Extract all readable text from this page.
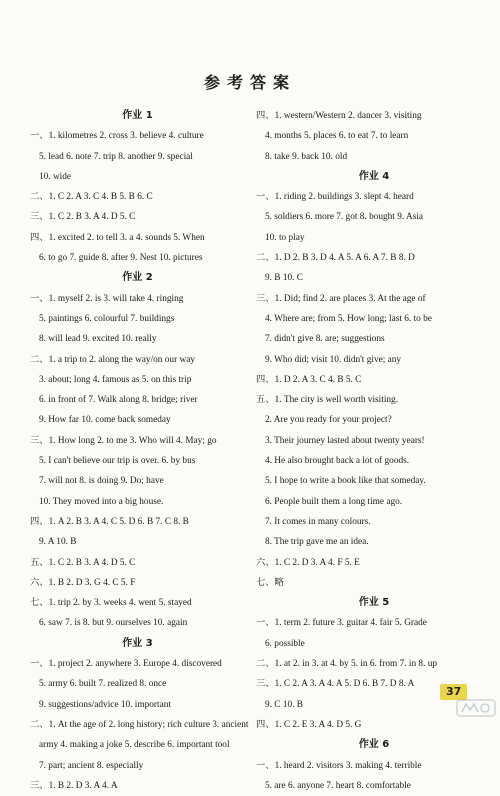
参考答案
作业 1
一、1. kilometres 2. cross 3. believe 4. culture
5. lead 6. note 7. trip 8. another 9. special
10. wide
二、1. C 2. A 3. C 4. B 5. B 6. C
三、1. C 2. B 3. A 4. D 5. C
四、1. excited 2. to tell 3. a 4. sounds 5. When
6. to go 7. guide 8. after 9. Nest 10. pictures
作业 2
一、1. myself 2. is 3. will take 4. ringing
5. paintings 6. colourful 7. buildings
8. will lead 9. excited 10. really
二、1. a trip to 2. along the way/on our way
3. about; long 4. famous as 5. on this trip
6. in front of 7. Walk along 8. bridge; river
9. How far 10. come back someday
三、1. How long 2. to me 3. Who will 4. May; go
5. I can't believe our trip is over. 6. by bus
7. will not 8. is doing 9. Do; have
10. They moved into a big house.
四、1. A 2. B 3. A 4. C 5. D 6. B 7. C 8. B
9. A 10. B
五、1. C 2. B 3. A 4. D 5. C
六、1. B 2. D 3. G 4. C 5. F
七、1. trip 2. by 3. weeks 4. went 5. stayed
6. saw 7. is 8. but 9. ourselves 10. again
作业 3
一、1. project 2. anywhere 3. Europe 4. discovered
5. army 6. built 7. realized 8. once
9. suggestions/advice 10. important
二、1. At the age of 2. long history; rich culture 3. ancient
army 4. making a joke 5. describe 6. important tool
7. part; ancient 8. especially
三、1. B 2. D 3. A 4. A
四、1. western/Western 2. dancer 3. visiting
4. months 5. places 6. to eat 7. to learn
8. take 9. back 10. old
作业 4
一、1. riding 2. buildings 3. slept 4. heard
5. soldiers 6. more 7. got 8. bought 9. Asia
10. to play
二、1. D 2. B 3. D 4. A 5. A 6. A 7. B 8. D
9. B 10. C
三、1. Did; find 2. are places 3. At the age of
4. Where are; from 5. How long; last 6. to be
7. didn't give 8. are; suggestions
9. Who did; visit 10. didn't give; any
四、1. D 2. A 3. C 4. B 5. C
五、1. The city is well worth visiting.
2. Are you ready for your project?
3. Their journey lasted about twenty years!
4. He also brought back a lot of goods.
5. I hope to write a book like that someday.
6. People built them a long time ago.
7. It comes in many colours.
8. The trip gave me an idea.
六、1. C 2. D 3. A 4. F 5. E
七、略
作业 5
一、1. term 2. future 3. guitar 4. fair 5. Grade
6. possible
二、1. at 2. in 3. at 4. by 5. in 6. from 7. in 8. up
三、1. C 2. A 3. A 4. A 5. D 6. B 7. D 8. A
9. C 10. B
四、1. C 2. E 3. A 4. D 5. G
作业 6
一、1. heard 2. visitors 3. making 4. terrible
5. are 6. anyone 7. heart 8. comfortable
37
